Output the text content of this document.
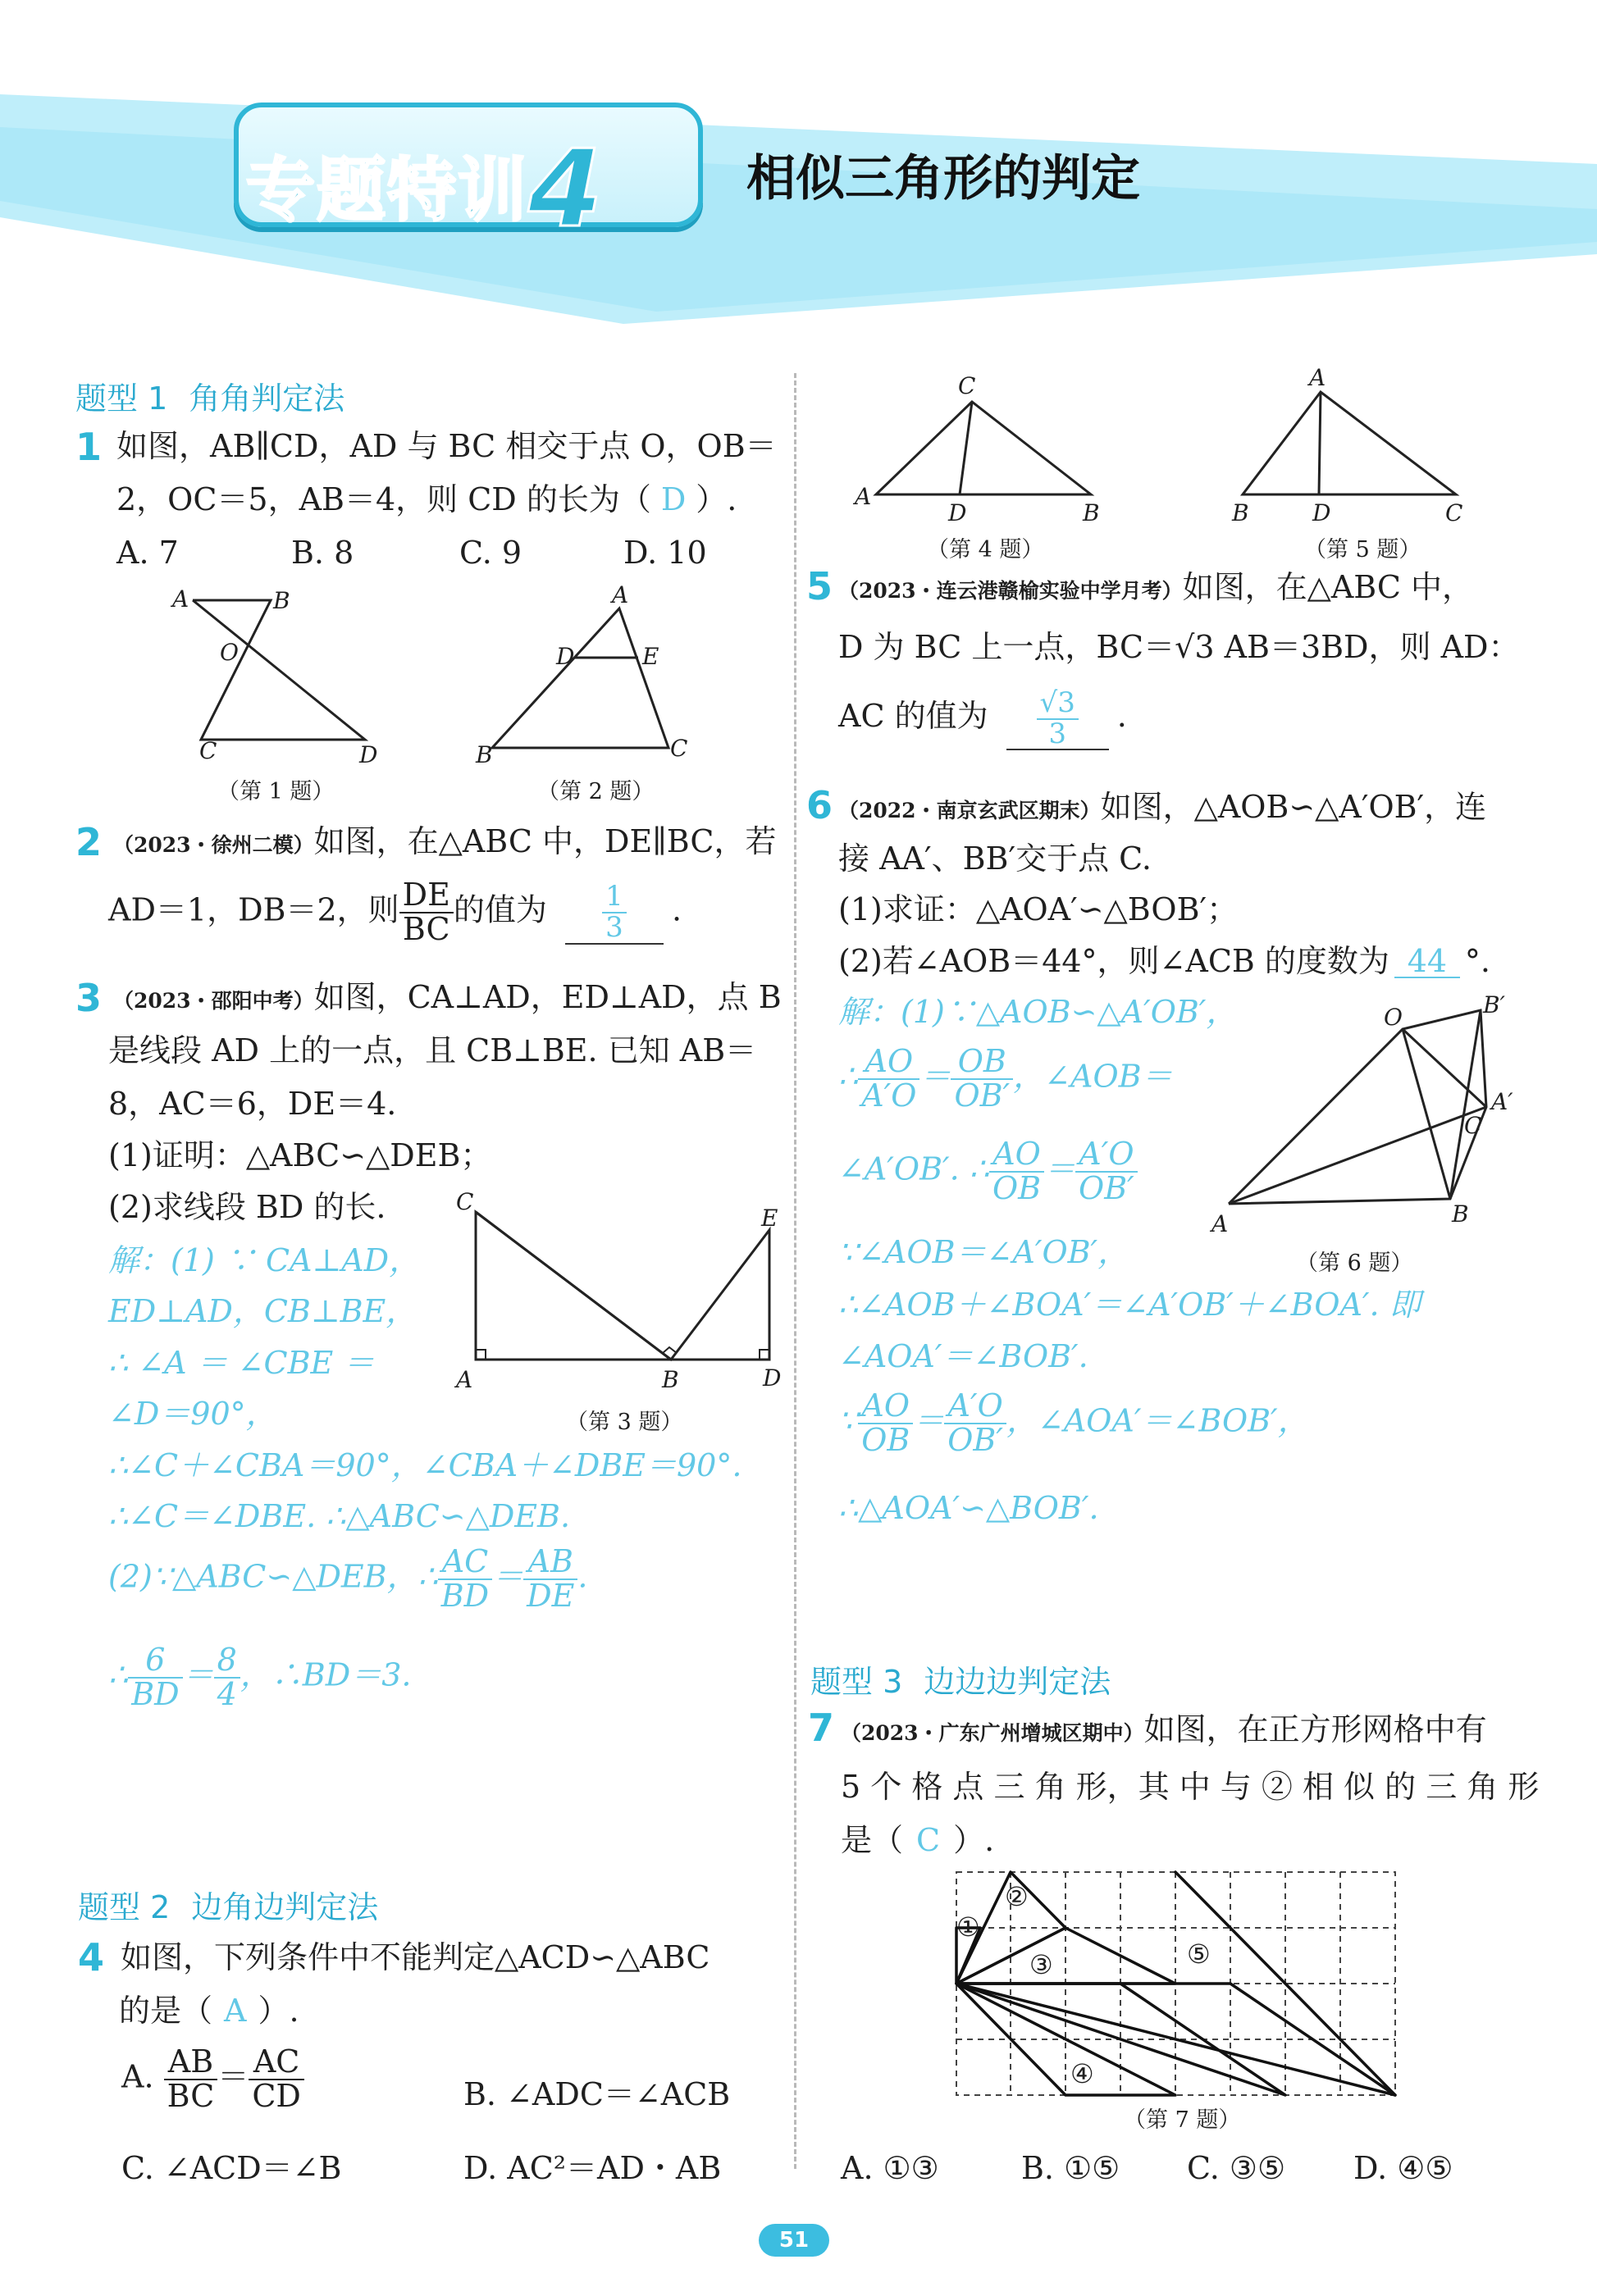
专题特训4	相似三角形的判定
题型 1 角角判定法
1 如图，AB∥CD，AD 与 BC 相交于点 O，OB＝
2，OC＝5，AB＝4，则 CD 的长为（ D ）.
A. 7	B. 8	C. 9	D. 10
A	B
O
C	D
（第 1 题）
A
D	E
B	C
（第 2 题）
2 （2023・徐州二模）如图，在△ABC 中，DE∥BC，若
AD＝1，DB＝2，则 $\frac{DE}{BC}$ 的值为 $\frac{1}{3}$ .
3 （2023・邵阳中考）如图，CA⊥AD，ED⊥AD，点 B
是线段 AD 上的一点，且 CB⊥BE. 已知 AB＝
8，AC＝6，DE＝4.
(1)证明：△ABC∽△DEB；
(2)求线段 BD 的长.	C
E
A	B	D
（第 3 题）
解：(1) ∵ CA⊥AD，
ED⊥AD，CB⊥BE，
∴ ∠A ＝ ∠CBE ＝
∠D＝90°，
∴∠C＋∠CBA＝90°，∠CBA＋∠DBE＝90°.
∴∠C＝∠DBE. ∴△ABC∽△DEB.
(2)∵△ABC∽△DEB，∴ $\frac{AC}{BD} = \frac{AB}{DE}$ .
∴ $\frac{6}{BD} = \frac{8}{4}$ ，∴BD＝3.
题型 2 边角边判定法
4 如图，下列条件中不能判定△ACD∽△ABC
的是（ A ）.
A. $\frac{AB}{BC} = \frac{AC}{CD}$	B. ∠ADC＝∠ACB
C. ∠ACD＝∠B	D. AC²＝AD・AB
C
A
D	B
（第 4 题）
A
B	D	C
（第 5 题）
5 （2023・连云港赣榆实验中学月考）如图，在△ABC 中，
D 为 BC 上一点，BC＝√3 AB＝3BD，则 AD：
AC 的值为 $\frac{√3}{3}$ .
6 （2022・南京玄武区期末）如图，△AOB∽△A′OB′，连
接 AA′、BB′交于点 C.
(1)求证：△AOA′∽△BOB′；
(2)若∠AOB＝44°，则∠ACB 的度数为 44 °.
解：(1)∵△AOB∽△A′OB′，
∴ $\frac{AO}{A'O} = \frac{OB}{OB'}$ ，∠AOB＝
∠A′OB′. ∴ $\frac{AO}{OB} = \frac{A'O}{OB'}$
∵∠AOB＝∠A′OB′，
∴∠AOB＋∠BOA′＝∠A′OB′＋∠BOA′. 即
∠AOA′＝∠BOB′.
∵ $\frac{AO}{OB} = \frac{A'O}{OB'}$ ，∠AOA′＝∠BOB′，
∴△AOA′∽△BOB′.
O	B′
A′
C
A	B
（第 6 题）
题型 3 边边边判定法
7 （2023・广东广州增城区期中）如图，在正方形网格中有
5 个 格 点 三 角 形，其 中 与 ② 相 似 的 三 角 形
是（ C ）.
①
②
③
④
⑤
（第 7 题）
A. ①③	B. ①⑤ C. ③⑤ D. ④⑤
51
